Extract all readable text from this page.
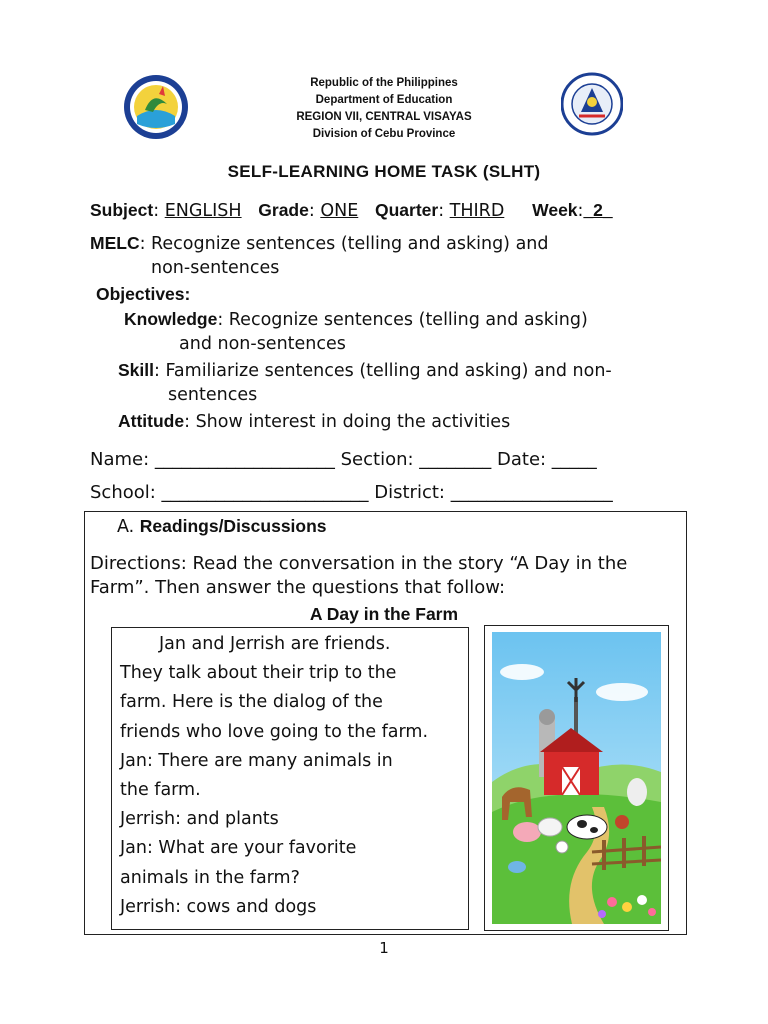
Republic of the Philippines
Department of Education
REGION VII, CENTRAL VISAYAS
Division of Cebu Province
SELF-LEARNING HOME TASK (SLHT)
Subject: ENGLISH Grade: ONE Quarter: THIRD Week:_2_
MELC: Recognize sentences (telling and asking) and
non-sentences
Objectives:
Knowledge: Recognize sentences (telling and asking)
and non-sentences
Skill: Familiarize sentences (telling and asking) and non-
sentences
Attitude: Show interest in doing the activities
Name: ____________________ Section: ________ Date: _____
School: _______________________ District: __________________
A. Readings/Discussions
Directions: Read the conversation in the story “A Day in the
Farm”. Then answer the questions that follow:
A Day in the Farm
Jan and Jerrish are friends.
They talk about their trip to the
farm. Here is the dialog of the
friends who love going to the farm.
Jan: There are many animals in
the farm.
Jerrish: and plants
Jan: What are your favorite
animals in the farm?
Jerrish: cows and dogs
1
